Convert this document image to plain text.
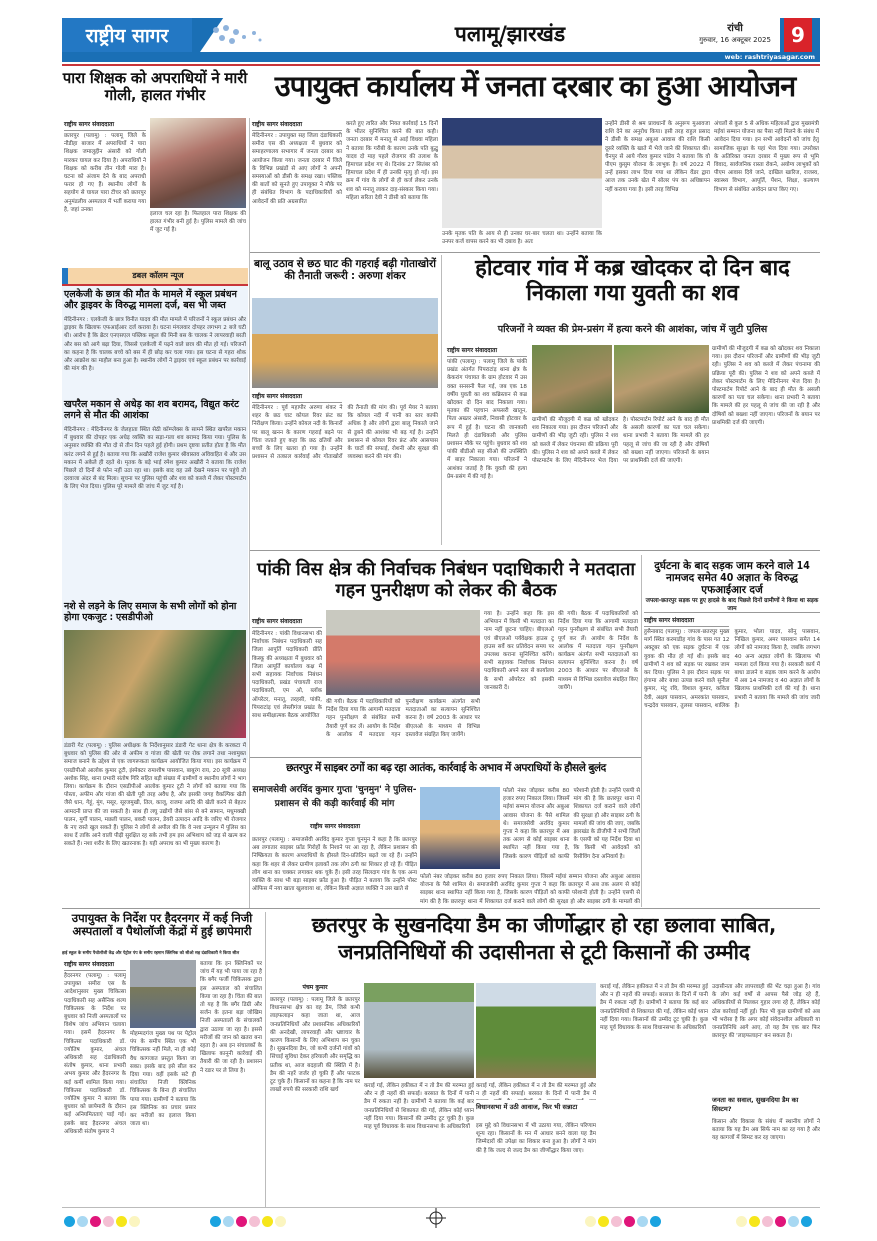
राष्ट्रीय सागर	पलामू/झारखंड	रांची
गुरुवार, 16 अक्टूबर 2025	9
web: rashtriyasagar.com
पारा शिक्षक को अपराधियों ने मारी गोली, हालत गंभीर
राष्ट्रीय सागर संवाददाता
छतरपुर (पलामू) : पलामू जिले के नौडीहा बाजार में अपराधियों ने पारा शिक्षक जमालुद्दीन अंसारी को गोली मारकर घायल कर दिया है। अपराधियों ने शिक्षक को करीब तीन गोली मारा है। घटना को अंजाम देने के बाद अपराधी फरार हो गए हैं। स्थानीय लोगों के सहयोग से घायल पारा टीचर को छतरपुर अनुमंडलीय अस्पताल में भर्ती कराया गया है, जहां उनका
इलाज चल रहा है। फिलहाल पारा शिक्षक की हालत गंभीर बनी हुई है। पुलिस मामले की जांच में जुट गई है।
उपायुक्त कार्यालय में जनता दरबार का हुआ आयोजन
राष्ट्रीय सागर संवाददाता
मेदिनीनगर : उपायुक्त सह जिला दंडाधिकारी समीरा एस की अध्यक्षता में बुधवार को समाहरणालय सभागार में जनता दरबार का आयोजन किया गया। जनता दरबार में जिले के विभिन्न प्रखंडों से आए लोगों ने अपनी समस्याओं को डीसी के समक्ष रखा। पब्लिक की बातों को सुनते हुए उपायुक्त ने मौके पर ही संबंधित विभाग के पदाधिकारियों को आवेदनों की प्रति अग्रसारित
करते हुए त्वरित और नियत कार्रवाई 15 दिनों के भीतर सुनिश्चित करने की बात कही। जनता दरबार में मनातू से आई विधवा महिला ने बताया कि गरीबी के कारण उनके पति बुद्धु यादव दो माह पहले रोजगार की तलाश के हिमाचल प्रदेश गए थे। दिनांक 27 सितंबर को हिमाचल प्रदेश में ही उनकी मृत्यु हो गई। इस क्रम में गांव के लोगों से ही कर्ज लेकर उनके शव को मनातू लाकर दाह-संस्कार किया गया। महिला सरिता देवी ने डीसी को बताया कि
उनके मृतक पति के आय से ही उनका घर-बार चलता था। उन्होंने बताया कि उनपर कर्ज वापस करने का भी दबाव है। अतः
उन्होंने डीसी से श्रम प्रावधानों के अनुरूप मुआवजा राशि देने का अनुरोध किया। इसी तरह राहुल प्रसाद ने डीसी के समक्ष अबुआ आवास की राशि किसी दूसरे व्यक्ति के खाते में भेजे जाने की शिकायत की। चैनपुर से आये गौरव कुमार पांडेय ने बताया कि वो पीएम कुसुम योजना के लाभुक है। वर्ष 2022 में उन्हें इसका लाभ दिया गया था लेकिन वेंडर द्वारा आज तक उनके खेत में सोलर पंप का अधिष्ठापन नहीं कराया गया है। इसी तरह विभिन्न
अंचलों से कुल 5 से अधिक महिलाओं द्वारा मुख्यमंत्री मईयां सम्मान योजना का पैसा नहीं मिलने के संबंध में आवेदन दिया गया। इन सभी आवेदनों को जांच हेतु सामाजिक सुरक्षा के यहां भेज दिया गया। उपरोक्त के अतिरिक्त जनता दरबार में मुख्य रूप से भूमि विवाद, सार्वजनिक रास्ता रोकने, अयोग्य लाभुकों को पीएम आवास दिये जाने, दाखिल खारिज, राजस्व, स्वास्थ्य विभाग, आपूर्ति, पेंशन, शिक्षा, कल्याण विभाग से संबंधित आवेदन प्राप्त किए गए।
डबल कॉलम न्यूज
एलकेजी के छात्र की मौत के मामले में स्कूल प्रबंधन और ड्राइवर के विरुद्ध मामला दर्ज, बस भी जब्त
मेदिनीनगर : एलकेजी के छात्र विनीत यादव की मौत मामले में परिजनों ने स्कूल प्रबंधन और ड्राइवर के खिलाफ एफआईआर दर्ज कराया है। घटना मंगलवार दोपहर लगभग 2 बजे घटी थी। आरोप है कि ब्रेटर एनएसएल पब्लिक स्कूल की मिनी बस के चालक ने लापरवाही बरती और बस को आगे बढ़ा दिया, जिससे एलकेजी में पढ़ने वाले छात्र की मौत हो गई। परिजनों का कहना है कि चालक बच्चे को बस में ही छोड़ कर चला गया। इस घटना से गहरा शोक और आक्रोश का माहौल बना हुआ है। स्थानीय लोगों ने ड्राइवर एवं स्कूल प्रबंधन पर कार्रवाई की मांग की है।
खपरैल मकान से अधेड़ का शव बरामद, विद्युत करंट लगने से मौत की आशंका
मेदिनीनगर : मेदिनीनगर के जेलहाता स्थित सेठी कॉम्प्लेक्स के सामने स्थित खपरैल मकान में बुधवार की दोपहर एक अधेड़ व्यक्ति का सड़ा-गला शव बरामद किया गया। पुलिस के अनुसार व्यक्ति की मौत दो से तीन दिन पहले हुई होगी। प्रथम दृष्टया प्रतीत होता है कि मौत करंट लगने से हुई है। बताया गया कि अखौरी राजेश कुमार श्रीवास्तव अविवाहित थे और उस मकान में अकेले ही रहते थे। मृतक के बड़े भाई रमेश कुमार अखौरी ने बताया कि राजेश पिछले दो दिनों से फोन नहीं उठा रहा था। इसके बाद वह उसे देखने मकान पर पहुंचे तो दरवाजा अंदर से बंद मिला। सूचना पर पुलिस पहुंची और शव को कब्जे में लेकर पोस्टमार्टम के लिए भेज दिया। पुलिस पूरे मामले की जांच में जुट गई है।
नशे से लड़ने के लिए समाज के सभी लोगों को होना होगा एकजुट : एसडीपीओ
डंडारी गेट (पलामू) : पुलिस अधीक्षक के निर्देशानुसार डंडारी गेट थाना क्षेत्र के करकटा में बुधवार को पुलिस की ओर से अफीम व गांजा की खेती पर रोक लगाने तथा नशामुक्त समाज बनाने के उद्देश्य से एक जागरूकता कार्यक्रम आयोजित किया गया। इस कार्यक्रम में एसडीपीओ आलोक कुमार टूटी, इंस्पेक्टर रामाशीष पासवान, बाबूरंग राय, 20 सूत्री अध्यक्ष अशोक सिंह, थाना प्रभारी संतोष गिरि सहित बड़ी संख्या में ग्रामीणों व स्थानीय लोगों ने भाग लिया। कार्यक्रम के दौरान एसडीपीओ आलोक कुमार टूटी ने लोगों को बताया गया कि पोस्ता, अफीम और गांजा की खेती पूरी तरह अवैध है, और इसकी जगह वैकल्पिक खेती जैसे धान, गेहूं, मूंग, मसूर, सूरजमुखी, तिल, काजू, राजमा आदि की खेती करने से बेहतर आमदनी प्राप्त की जा सकती है। साथ ही लघु उद्योगों जैसे बांस से बने सामान, मधुमक्खी पालन, मुर्गी पालन, मछली पालन, बकरी पालन, डेयरी उत्पादन आदि के जरिए भी रोजगार के नए रास्ते खुल सकते हैं। पुलिस ने लोगों से अपील की कि वे नशा उन्मूलन में पुलिस का साथ दें ताकि आने वाली पीढ़ी सुरक्षित रह सके तभी हम इस अभिशाप को जड़ से खत्म कर सकते हैं। नशा शरीर के लिए खतरनाक है। यही अपराध का भी मुख्य कारण है।
बालू उठाव से छठ घाट की गहराई बढ़ी गोताखोरों की तैनाती जरूरी : अरुणा शंकर
राष्ट्रीय सागर संवाददाता
मेदिनीनगर : पूर्व महापौर अरुणा शंकर ने शहर के छठ घाट कोयल रिवर फ्रंट का निरीक्षण किया। उन्होंने कोयल नदी के किनारों पर बालू खनन के कारण गहराई बढ़ने पर चिंता जताते हुए कहा कि छठ व्रतियों और बच्चों के लिए खतरा हो गया है। उन्होंने प्रशासन से तत्काल कार्रवाई और गोताखोरों की तैनाती की मांग की। पूर्व मेयर ने बताया कि कोयल नदी में पानी का स्तर काफी अधिक है और लोगों द्वारा बालू निकाले जाने से डूबने की आशंका भी बढ़ गई है। उन्होंने प्रशासन से कोयल रिवर फ्रंट और आसपास के घाटों की सफाई, रोशनी और सुरक्षा की व्यवस्था करने की मांग की।
होटवार गांव में कब्र खोदकर दो दिन बाद निकाला गया युवती का शव
परिजनों ने व्यक्त की प्रेम-प्रसंग में हत्या करने की आशंका, जांच में जुटी पुलिस
राष्ट्रीय सागर संवाददाता
पांकी (पलामू) : पलामू जिले के पांकी प्रखंड अंतर्गत पिपराटांड़ थाना क्षेत्र के केकरांग पंचायत के ग्राम होटवार में उस वक्त सनसनी फैल गई, जब एक 18 वर्षीय युवती का शव कब्रिस्तान से कब्र खोदकर दो दिन बाद निकाला गया। मृतका की पहचान अफसरी खातून, पिता अख्तर अंसारी, निवासी होटवार के रूप में हुई है। घटना की जानकारी मिलते ही दंडाधिकारी और पुलिस प्रशासन मौके पर पहुंचे। बुधवार को शव पांकी बीडीओ सह सीओ की उपस्थिति में बाहर निकाला गया। परिजनों ने आशंका जताई है कि युवती की हत्या प्रेम-प्रसंग में की गई है।
ग्रामीणों की मौजूदगी में कब्र को खोदकर शव निकाला गया। इस दौरान परिजनों और ग्रामीणों की भीड़ जुटी रही। पुलिस ने शव को कब्जे में लेकर पंचनामा की प्रक्रिया पूरी की। पुलिस ने शव को अपने कब्जे में लेकर पोस्टमार्टम के लिए मेदिनीनगर भेज दिया है। पोस्टमार्टम रिपोर्ट आने के बाद ही मौत के असली कारणों का पता चल सकेगा। थाना प्रभारी ने बताया कि मामले की हर पहलू से जांच की जा रही है और दोषियों को बख्शा नहीं जाएगा। परिजनों के बयान पर प्राथमिकी दर्ज की जाएगी।
ग्रामीणों की मौजूदगी में कब्र को खोदकर शव निकाला गया। इस दौरान परिजनों और ग्रामीणों की भीड़ जुटी रही। पुलिस ने शव को कब्जे में लेकर पंचनामा की प्रक्रिया पूरी की। पुलिस ने शव को अपने कब्जे में लेकर पोस्टमार्टम के लिए मेदिनीनगर भेज दिया है। पोस्टमार्टम रिपोर्ट आने के बाद ही मौत के असली कारणों का पता चल सकेगा। थाना प्रभारी ने बताया कि मामले की हर पहलू से जांच की जा रही है और दोषियों को बख्शा नहीं जाएगा। परिजनों के बयान पर प्राथमिकी दर्ज की जाएगी।
पांकी विस क्षेत्र की निर्वाचक निबंधन पदाधिकारी ने मतदाता गहन पुनरीक्षण को लेकर की बैठक
राष्ट्रीय सागर संवाददाता
मेदिनीनगर : पांकी विधानसभा की निर्वाचक निबंधन पदाधिकारी सह जिला आपूर्ति पदाधिकारी प्रीति किस्कू की अध्यक्षता में बुधवार को जिला आपूर्ति कार्यालय कक्ष में सभी सहायक निर्वाचक निबंधन पदाधिकारी, प्रखंड पंचायती राज पदाधिकारी, एम ओ, ब्लॉक ऑपरेटर, मनातू, तरहसी, पांकी, पिपराटांड़ एवं लेस्लीगंज प्रखंड के साथ समीक्षात्मक बैठक आयोजित
की गयी। बैठक में पदाधिकारियों को निर्देश दिया गया कि आगामी मतदाता गहन पुनरीक्षण से संबंधित सभी तैयारी पूर्ण कर लें। आयोग के निर्देश के आलोक में मतदाता गहन पुनरीक्षण कार्यक्रम अंतर्गत सभी मतदाताओं का सत्यापन सुनिश्चित करना है। वर्ष 2003 के आधार पर बीएलओ के माध्यम से विभिन्न दस्तावेज संग्रहित किए जायेंगे।
गया है। उन्होंने कहा कि इस अभियान में किसी भी मतदाता का नाम नहीं छूटना चाहिए। बीएलओ एवं बीएलओ पर्यवेक्षक हाउस टू हाउस सर्वे कर प्रतिवेदन समय पर उपलब्ध कराना सुनिश्चित करेंगे। सभी सहायक निर्वाचक निबंधन पदाधिकारी अपने स्तर से कार्यालय के सभी ऑपरेटर को इसकी जानकारी दें।
की गयी। बैठक में पदाधिकारियों को निर्देश दिया गया कि आगामी मतदाता गहन पुनरीक्षण से संबंधित सभी तैयारी पूर्ण कर लें। आयोग के निर्देश के आलोक में मतदाता गहन पुनरीक्षण कार्यक्रम अंतर्गत सभी मतदाताओं का सत्यापन सुनिश्चित करना है। वर्ष 2003 के आधार पर बीएलओ के माध्यम से विभिन्न दस्तावेज संग्रहित किए जायेंगे।
दुर्घटना के बाद सड़क जाम करने वाले 14 नामजद समेत 40 अज्ञात के विरुद्ध एफआईआर दर्ज
जपला-छतरपुर सड़क पर हुए हादसे के बाद पिछले दिनों ग्रामीणों ने किया था सड़क जाम
राष्ट्रीय सागर संवाददाता
हुसैनाबाद (पलामू) : जपला-छतरपुर मुख्य मार्ग स्थित करमाडीह गांव के पास गत 12 अक्टूबर को एक सड़क दुर्घटना में एक युवक की मौत हो गई थी। इसके बाद ग्रामीणों ने शव को सड़क पर रखकर जाम कर दिया। पुलिस ने इस दौरान सड़क पर हंगामा और बाधा उत्पन्न करने वाले सुनील कुमार, मंटू रवि, विशाल कुमार, कविता देवी, अक्षय पासवान, अमरकांत पासवान, चन्द्रदेव पासवान, तुलसा पासवान, शालिक कुमार, भोला यादव, सोनू पासवान, निखिल कुमार, अमर पासवान समेत 14 लोगों को नामजद किया है, जबकि लगभग 40 अन्य अज्ञात लोगों के खिलाफ भी मामला दर्ज किया गया है। सरकारी कार्य में बाधा डालने व सड़क जाम करने के आरोप में अब 14 नामजद व 40 अज्ञात लोगों के खिलाफ प्राथमिकी दर्ज की गई है। थाना प्रभारी ने बताया कि मामले की जांच जारी है।
छतरपुर में साइबर ठगों का बढ़ रहा आतंक, कार्रवाई के अभाव में अपराधियों के हौसले बुलंद
समाजसेवी अरविंद कुमार गुप्ता 'चुनमुन' ने पुलिस-प्रशासन से की कड़ी कार्रवाई की मांग
राष्ट्रीय सागर संवाददाता
छतरपुर (पलामू) : समाजसेवी अरविंद कुमार गुप्ता चुनमुन ने कहा है कि छतरपुर अब लगातार साइबर फ्रॉड गिरोहों के निशाने पर आ रहा है, लेकिन प्रशासन की निष्क्रियता के कारण अपराधियों के हौसले दिन-प्रतिदिन बढ़ते जा रहे हैं। उन्होंने कहा कि शहर से लेकर ग्रामीण इलाकों तक लोग ठगी का शिकार हो रहे हैं। पीड़ित लोग थाना का चक्कर लगाकर थक चुके हैं। इसी तरह सिलदाग गांव के एक अन्य व्यक्ति के साथ भी बड़ा साइबर फ्रॉड हुआ है। पीड़ित ने बताया कि उन्होंने पोस्ट ऑफिस में नया खाता खुलवाया था, लेकिन किसी अज्ञात व्यक्ति ने उस खाते से
फोलो नंबर जोड़कर करीब 80 हजार रुपए निकाल लिया। जिसमें मईयां सम्मान योजना और अबुआ आवास योजना के पैसे शामिल थे। समाजसेवी अरविंद कुमार गुप्ता ने कहा कि छतरपुर में अब तक अलग से कोई साइबर थाना स्थापित नहीं किया गया है, जिसके कारण पीड़ितों को काफी परेशानी होती है। उन्होंने एसपी से मांग की है कि छतरपुर थाना में शिकायत दर्ज कराने वाले लोगों की सुरक्षा हो और साइबर ठगी के मामलों की जांच की जाए, जबकि झारखंड के डीजीपी ने सभी जिलों के एसपी को यह निर्देश दिया था कि किसी भी आवेदकों को रिसीविंग देना अनिवार्य है।
फोलो नंबर जोड़कर करीब 80 हजार रुपए निकाल लिया। जिसमें मईयां सम्मान योजना और अबुआ आवास योजना के पैसे शामिल थे। समाजसेवी अरविंद कुमार गुप्ता ने कहा कि छतरपुर में अब तक अलग से कोई साइबर थाना स्थापित नहीं किया गया है, जिसके कारण पीड़ितों को काफी परेशानी होती है। उन्होंने एसपी से मांग की है कि छतरपुर थाना में शिकायत दर्ज कराने वाले लोगों की सुरक्षा हो और साइबर ठगी के मामलों की
उपायुक्त के निर्देश पर हैदरनगर में कई निजी अस्पतालों व पैथोलॉजी केंद्रों में हुई छापेमारी
हाई स्कूल के समीप पैथोलॉजी केंद्र और पेट्रोल पंप के समीप रहमान क्लिनिक को सीओ सह दंडाधिकारी ने किया सील
राष्ट्रीय सागर संवाददाता
हैदरनगर (पलामू) : पलामू उपायुक्त समीरा एस के आदेशानुसार मुख्य चिकित्सा पदाधिकारी सह असैनिक शल्य चिकित्सक के निर्देश पर बुधवार को निजी अस्पतालों पर विशेष जांच अभियान चलाया गया। इसमें हैदरनगर के चिकित्सा पदाधिकारी डॉ. ज्योतिष कुमार, अंचल अधिकारी सह दंडाधिकारी संतोष कुमार, थाना प्रभारी अभय कुमार और हैदरनगर के कई कर्मी शामिल किया गया। चिकित्सा पदाधिकारी डॉ. ज्योतिष कुमार ने बताया कि बुधवार को छापेमारी के दौरान कई अनियमितताएं पाई गई। इसके बाद हैदरनगर अंचल अधिकारी संतोष कुमार ने
मोहम्मदगंज मुख्य पथ पर पेट्रोल पंप के समीप स्थित एक भी चिकित्सक नहीं मिले, ना ही कोई वैध कागजात प्रस्तुत किया जा सका। इसके बाद इसे सील कर दिया गया। वहीं इसके सटे ही संचालित निजी क्लिनिक चिकित्सक के बिना ही संचालित पाया गया। ग्रामीणों ने बताया कि इस क्लिनिक का प्रचार प्रसार कर मरीजों का इलाज किया जाता था।
बताया कि इन क्लिनिकों पर जांच में यह भी पाया जा रहा है कि बगैर फर्जी चिकित्सक द्वारा इस अस्पताल को संचालित किया जा रहा है। चिंता की बात तो यह है कि बगैर डिग्री और सर्जन के इतना बड़ा जोखिम निजी अस्पतालों के संचालकों द्वारा उठाया जा रहा है। इससे मरीजों की जान को खतरा बना रहता है। अब इन संचालकों के खिलाफ कानूनी कार्रवाई की तैयारी की जा रही है। प्रशासन ने रडार पर ले लिया है।
छतरपुर के सुखनदिया डैम का जीर्णोद्धार हो रहा छलावा साबित, जनप्रतिनिधियों की उदासीनता से टूटी किसानों की उम्मीद
पंचम कुमार
छतरपुर (पलामू) : पलामू जिले के छतरपुर विधानसभा क्षेत्र का वह डैम, जिसे कभी लाइफलाइन कहा जाता था, आज जनप्रतिनिधियों और प्रशासनिक अधिकारियों की अनदेखी, लापरवाही और भ्रष्टाचार के कारण किसानों के लिए अभिशाप बन चुका है। सुखनदिया डैम, जो कभी दर्जनों गांवों को सिंचाई सुविधा देकर हरियाली और समृद्धि का प्रतीक था, आज बदहाली की स्थिति में है। डैम की नहरें जर्जर हो चुकी हैं और फाटक टूट चुके हैं। किसानों का कहना है कि नाम पर लाखों रुपये की सरकारी राशि खर्च
कराई गई, लेकिन हकीकत में न तो डैम की मरम्मत हुई और न ही नहरों की सफाई। बरसात के दिनों में पानी डैम में रुकता नहीं है। ग्रामीणों ने बताया कि कई बार जनप्रतिनिधियों से शिकायत की गई, लेकिन कोई ध्यान नहीं दिया गया। किसानों की उम्मीद टूट चुकी है। कुछ माह पूर्व विधायक के साथ विधानसभा के अधिकारियों
कराई गई, लेकिन हकीकत में न तो डैम की मरम्मत हुई और न ही नहरों की सफाई। बरसात के दिनों में पानी डैम में
विधानसभा में उठी आवाज, फिर भी सन्नाटा
इस मुद्दे को विधानसभा में भी उठाया गया, लेकिन परिणाम शून्य रहा। किसानों के मन में आधार बनने वाला यह डैम जिम्मेदारों की उपेक्षा का शिकार बना हुआ है। लोगों ने मांग की है कि जल्द से जल्द डैम का जीर्णोद्धार किया जाए।
कराई गई, लेकिन हकीकत में न तो डैम की मरम्मत हुई और न ही नहरों की सफाई। बरसात के दिनों में पानी डैम में रुकता नहीं है। ग्रामीणों ने बताया कि कई बार जनप्रतिनिधियों से शिकायत की गई, लेकिन कोई ध्यान नहीं दिया गया। किसानों की उम्मीद टूट चुकी है। कुछ माह पूर्व विधायक के साथ विधानसभा के अधिकारियों
उदासीनता और लापरवाही की भेंट चढ़ा हुआ है। गांव के लोग कई वर्षों से आपस पैसे जोड़ रहे हैं, अधिकारियों से मिलकर गुहार लगा रहे हैं, लेकिन कोई ठोस कार्रवाई नहीं हुई। फिर भी कुछ ग्रामीणों को अब भी भरोसा है कि अगर कोई संवेदनशील अधिकारी या जनप्रतिनिधि आगे आए, तो यह डैम एक बार फिर छतरपुर की 'लाइफलाइन' बन सकता है।
जनता का सवाल, सुखनदिया डैम का सिस्टम?
किसान और विकास के संबंध में स्थानीय लोगों ने बताया कि यह डैम अब सिर्फ नाम का रह गया है और यह कागजों में सिमट कर रह जाएगा।
